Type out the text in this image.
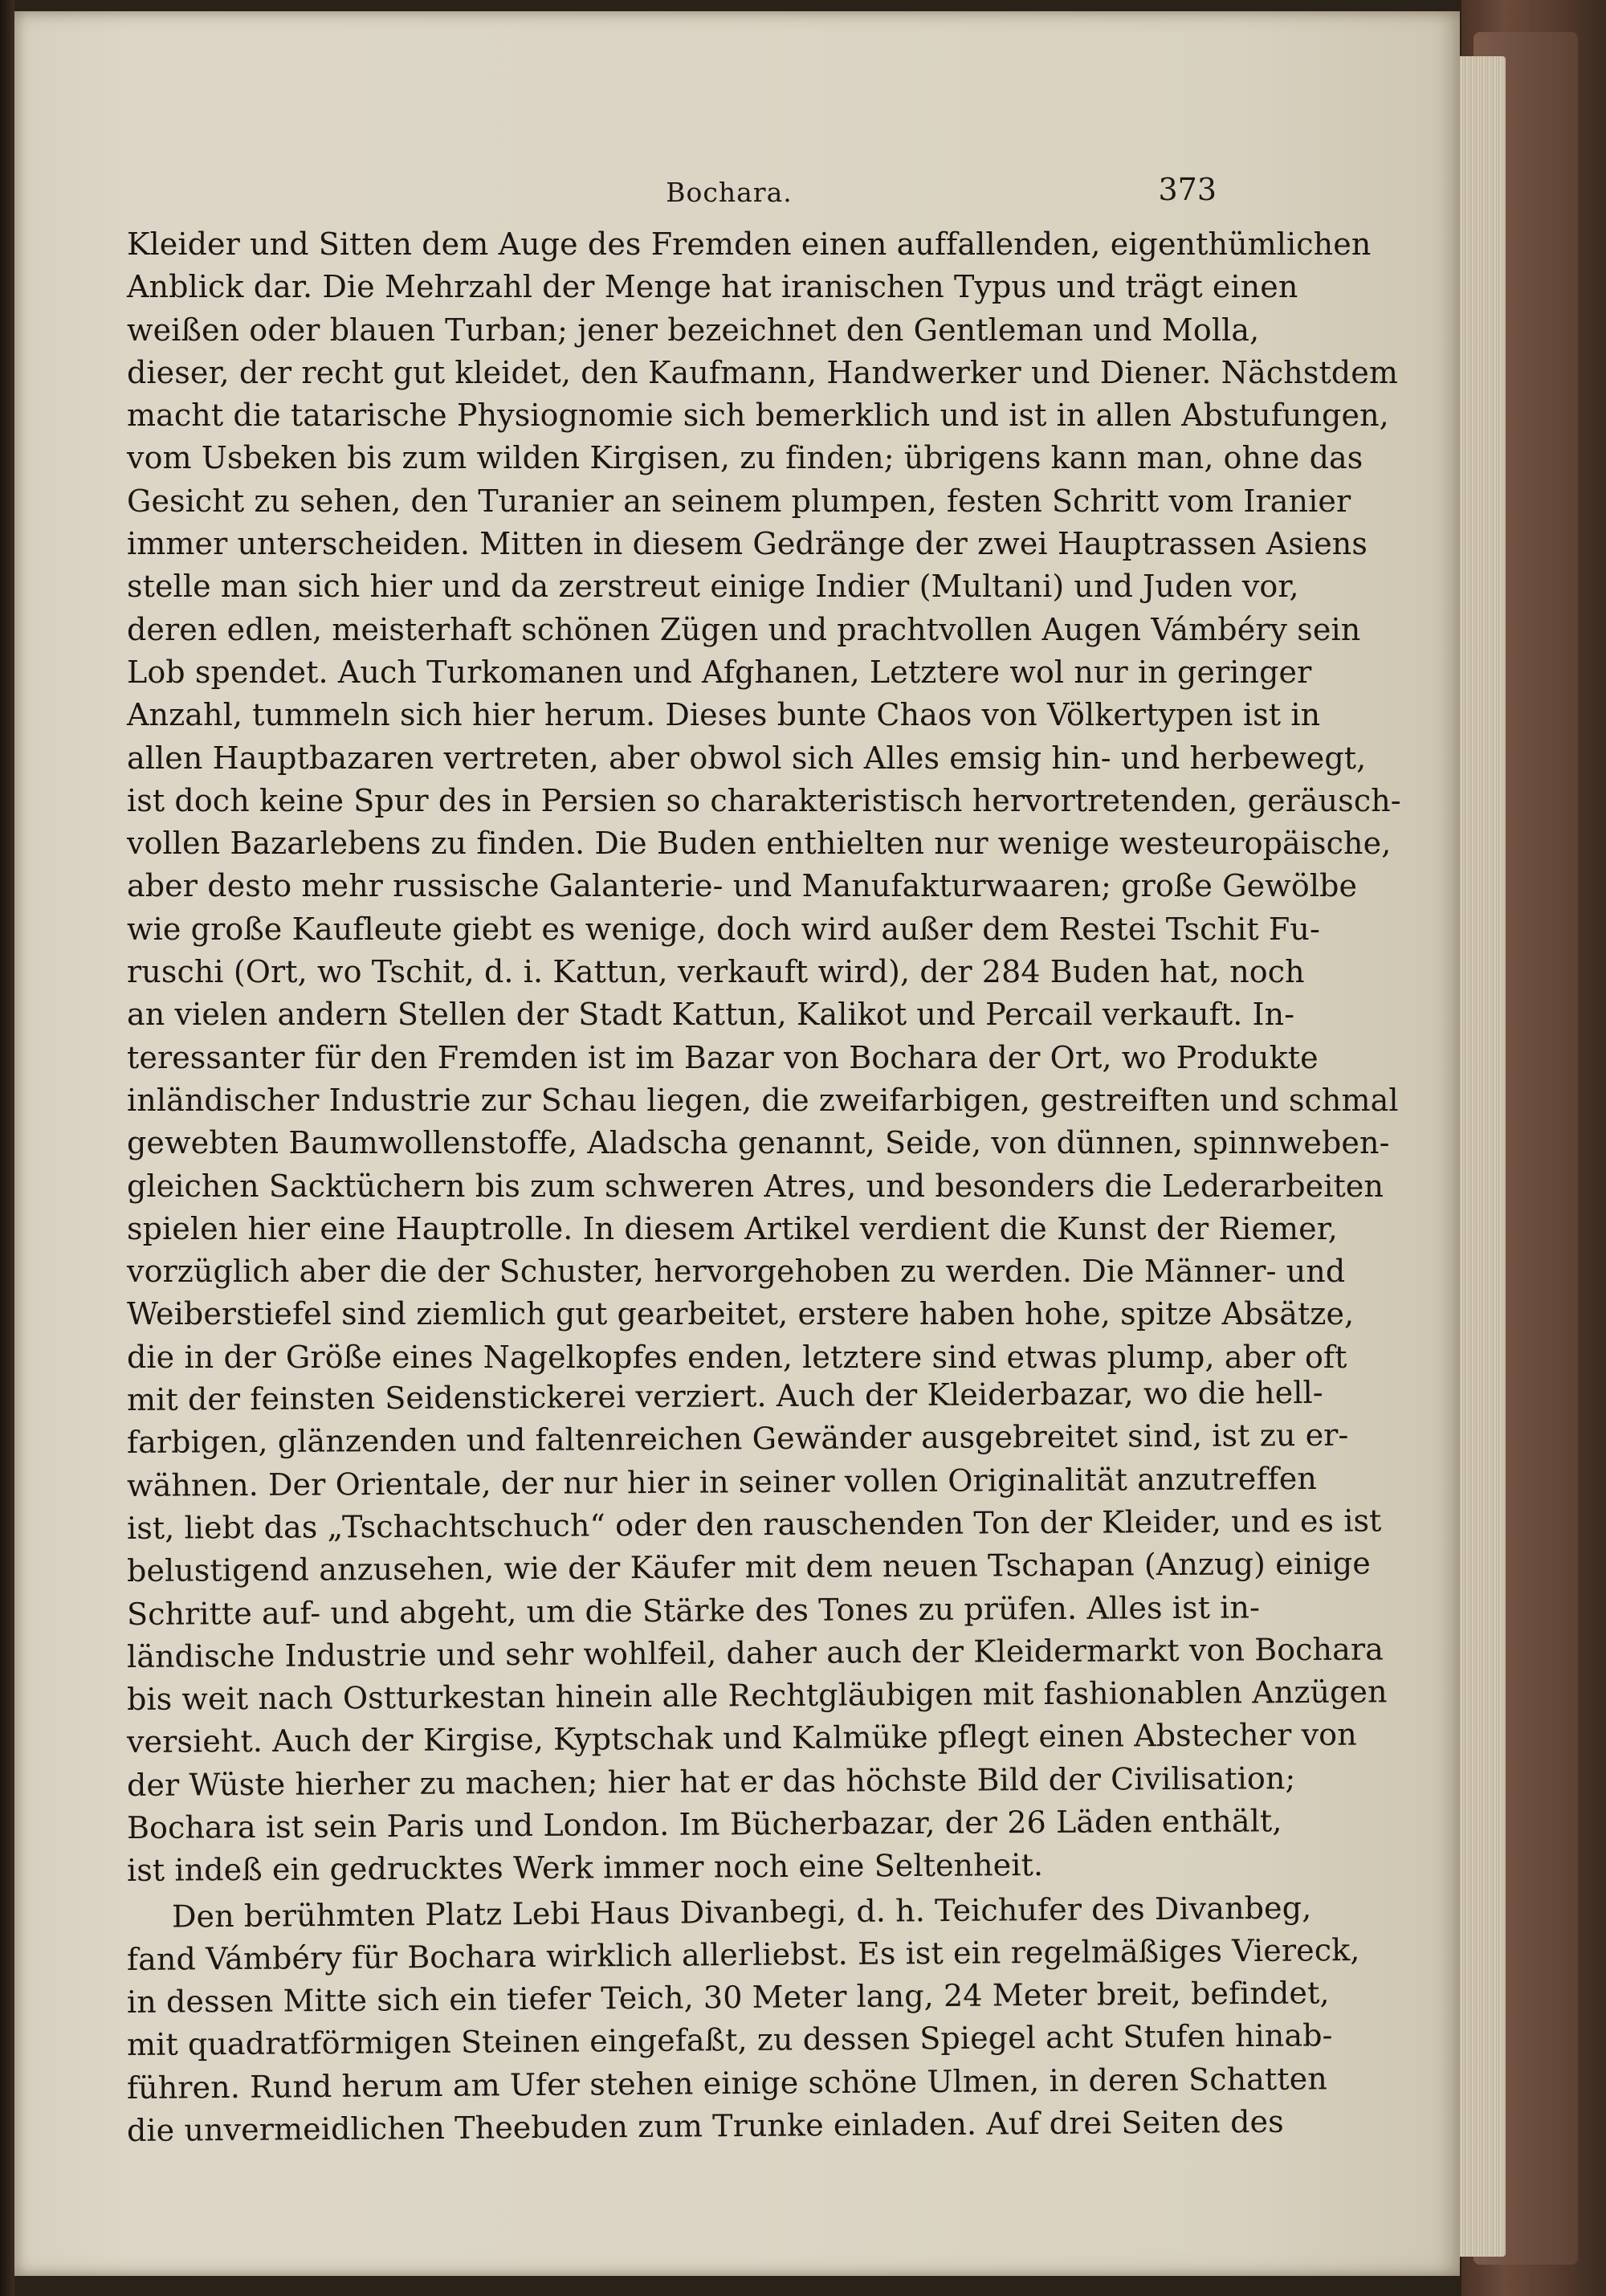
Bochara.	373
Kleider und Sitten dem Auge des Fremden einen auffallenden, eigenthümlichen
Anblick dar. Die Mehrzahl der Menge hat iranischen Typus und trägt einen
weißen oder blauen Turban; jener bezeichnet den Gentleman und Molla,
dieser, der recht gut kleidet, den Kaufmann, Handwerker und Diener. Nächstdem
macht die tatarische Physiognomie sich bemerklich und ist in allen Abstufungen,
vom Usbeken bis zum wilden Kirgisen, zu finden; übrigens kann man, ohne das
Gesicht zu sehen, den Turanier an seinem plumpen, festen Schritt vom Iranier
immer unterscheiden. Mitten in diesem Gedränge der zwei Hauptrassen Asiens
stelle man sich hier und da zerstreut einige Indier (Multani) und Juden vor,
deren edlen, meisterhaft schönen Zügen und prachtvollen Augen Vámbéry sein
Lob spendet. Auch Turkomanen und Afghanen, Letztere wol nur in geringer
Anzahl, tummeln sich hier herum. Dieses bunte Chaos von Völkertypen ist in
allen Hauptbazaren vertreten, aber obwol sich Alles emsig hin- und herbewegt,
ist doch keine Spur des in Persien so charakteristisch hervortretenden, geräusch-
vollen Bazarlebens zu finden. Die Buden enthielten nur wenige westeuropäische,
aber desto mehr russische Galanterie- und Manufakturwaaren; große Gewölbe
wie große Kaufleute giebt es wenige, doch wird außer dem Restei Tschit Fu-
ruschi (Ort, wo Tschit, d. i. Kattun, verkauft wird), der 284 Buden hat, noch
an vielen andern Stellen der Stadt Kattun, Kalikot und Percail verkauft. In-
teressanter für den Fremden ist im Bazar von Bochara der Ort, wo Produkte
inländischer Industrie zur Schau liegen, die zweifarbigen, gestreiften und schmal
gewebten Baumwollenstoffe, Aladscha genannt, Seide, von dünnen, spinnweben-
gleichen Sacktüchern bis zum schweren Atres, und besonders die Lederarbeiten
spielen hier eine Hauptrolle. In diesem Artikel verdient die Kunst der Riemer,
vorzüglich aber die der Schuster, hervorgehoben zu werden. Die Männer- und
Weiberstiefel sind ziemlich gut gearbeitet, erstere haben hohe, spitze Absätze,
die in der Größe eines Nagelkopfes enden, letztere sind etwas plump, aber oft
mit der feinsten Seidenstickerei verziert. Auch der Kleiderbazar, wo die hell-
farbigen, glänzenden und faltenreichen Gewänder ausgebreitet sind, ist zu er-
wähnen. Der Orientale, der nur hier in seiner vollen Originalität anzutreffen
ist, liebt das „Tschachtschuch“ oder den rauschenden Ton der Kleider, und es ist
belustigend anzusehen, wie der Käufer mit dem neuen Tschapan (Anzug) einige
Schritte auf- und abgeht, um die Stärke des Tones zu prüfen. Alles ist in-
ländische Industrie und sehr wohlfeil, daher auch der Kleidermarkt von Bochara
bis weit nach Ostturkestan hinein alle Rechtgläubigen mit fashionablen Anzügen
versieht. Auch der Kirgise, Kyptschak und Kalmüke pflegt einen Abstecher von
der Wüste hierher zu machen; hier hat er das höchste Bild der Civilisation;
Bochara ist sein Paris und London. Im Bücherbazar, der 26 Läden enthält,
ist indeß ein gedrucktes Werk immer noch eine Seltenheit.
Den berühmten Platz Lebi Haus Divanbegi, d. h. Teichufer des Divanbeg,
fand Vámbéry für Bochara wirklich allerliebst. Es ist ein regelmäßiges Viereck,
in dessen Mitte sich ein tiefer Teich, 30 Meter lang, 24 Meter breit, befindet,
mit quadratförmigen Steinen eingefaßt, zu dessen Spiegel acht Stufen hinab-
führen. Rund herum am Ufer stehen einige schöne Ulmen, in deren Schatten
die unvermeidlichen Theebuden zum Trunke einladen. Auf drei Seiten des
